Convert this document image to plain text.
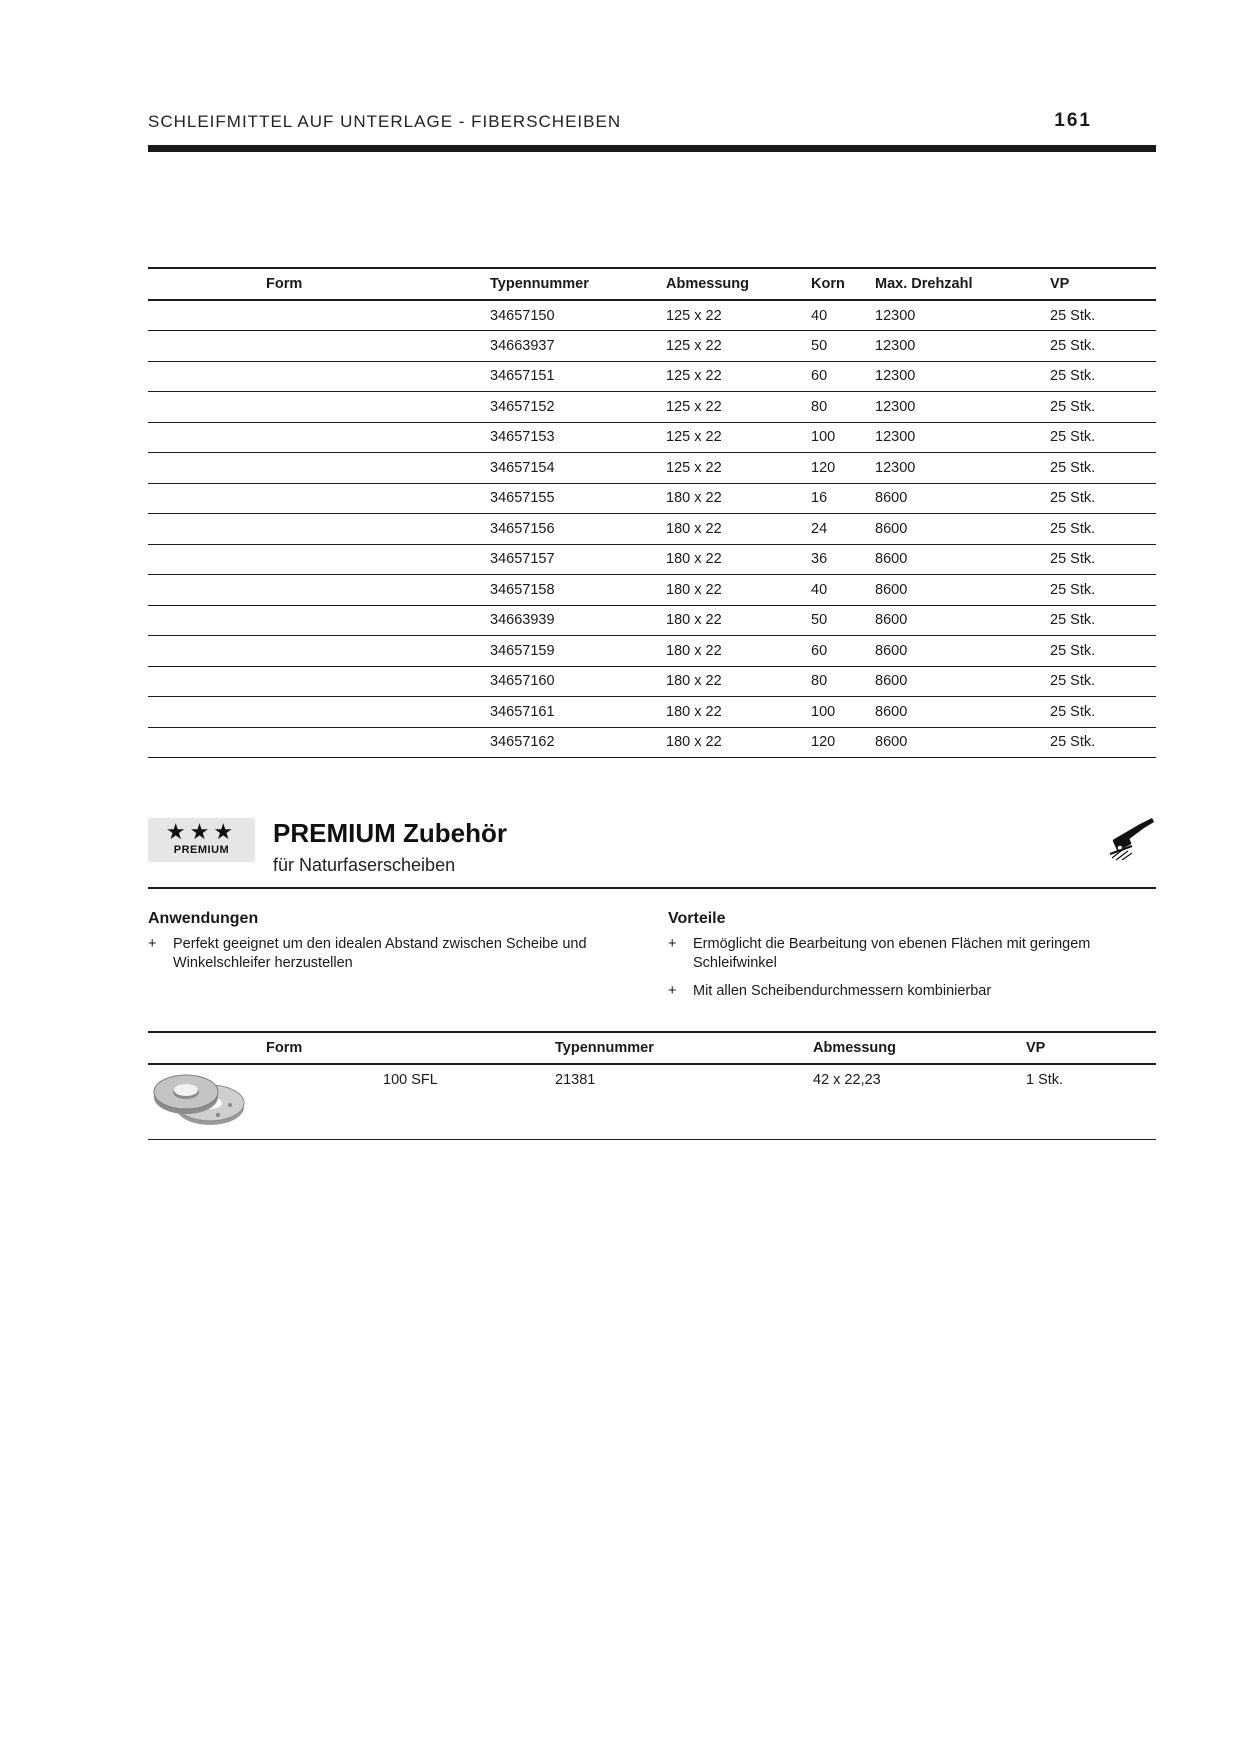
SCHLEIFMITTEL AUF UNTERLAGE - FIBERSCHEIBEN	161
Form	Typennummer	Abmessung	Korn	Max. Drehzahl	VP
	34657150	125 x 22	40	12300	25 Stk.
	34663937	125 x 22	50	12300	25 Stk.
	34657151	125 x 22	60	12300	25 Stk.
	34657152	125 x 22	80	12300	25 Stk.
	34657153	125 x 22	100	12300	25 Stk.
	34657154	125 x 22	120	12300	25 Stk.
	34657155	180 x 22	16	8600	25 Stk.
	34657156	180 x 22	24	8600	25 Stk.
	34657157	180 x 22	36	8600	25 Stk.
	34657158	180 x 22	40	8600	25 Stk.
	34663939	180 x 22	50	8600	25 Stk.
	34657159	180 x 22	60	8600	25 Stk.
	34657160	180 x 22	80	8600	25 Stk.
	34657161	180 x 22	100	8600	25 Stk.
	34657162	180 x 22	120	8600	25 Stk.
★★★
PREMIUM
PREMIUM Zubehör
für Naturfaserscheiben
Anwendungen
+ Perfekt geeignet um den idealen Abstand zwischen Scheibe und Winkelschleifer herzustellen
Vorteile
+ Ermöglicht die Bearbeitung von ebenen Flächen mit geringem Schleifwinkel
+ Mit allen Scheibendurchmessern kombinierbar
Form		Typennummer	Abmessung	VP

	100 SFL	21381	42 x 22,23	1 Stk.
